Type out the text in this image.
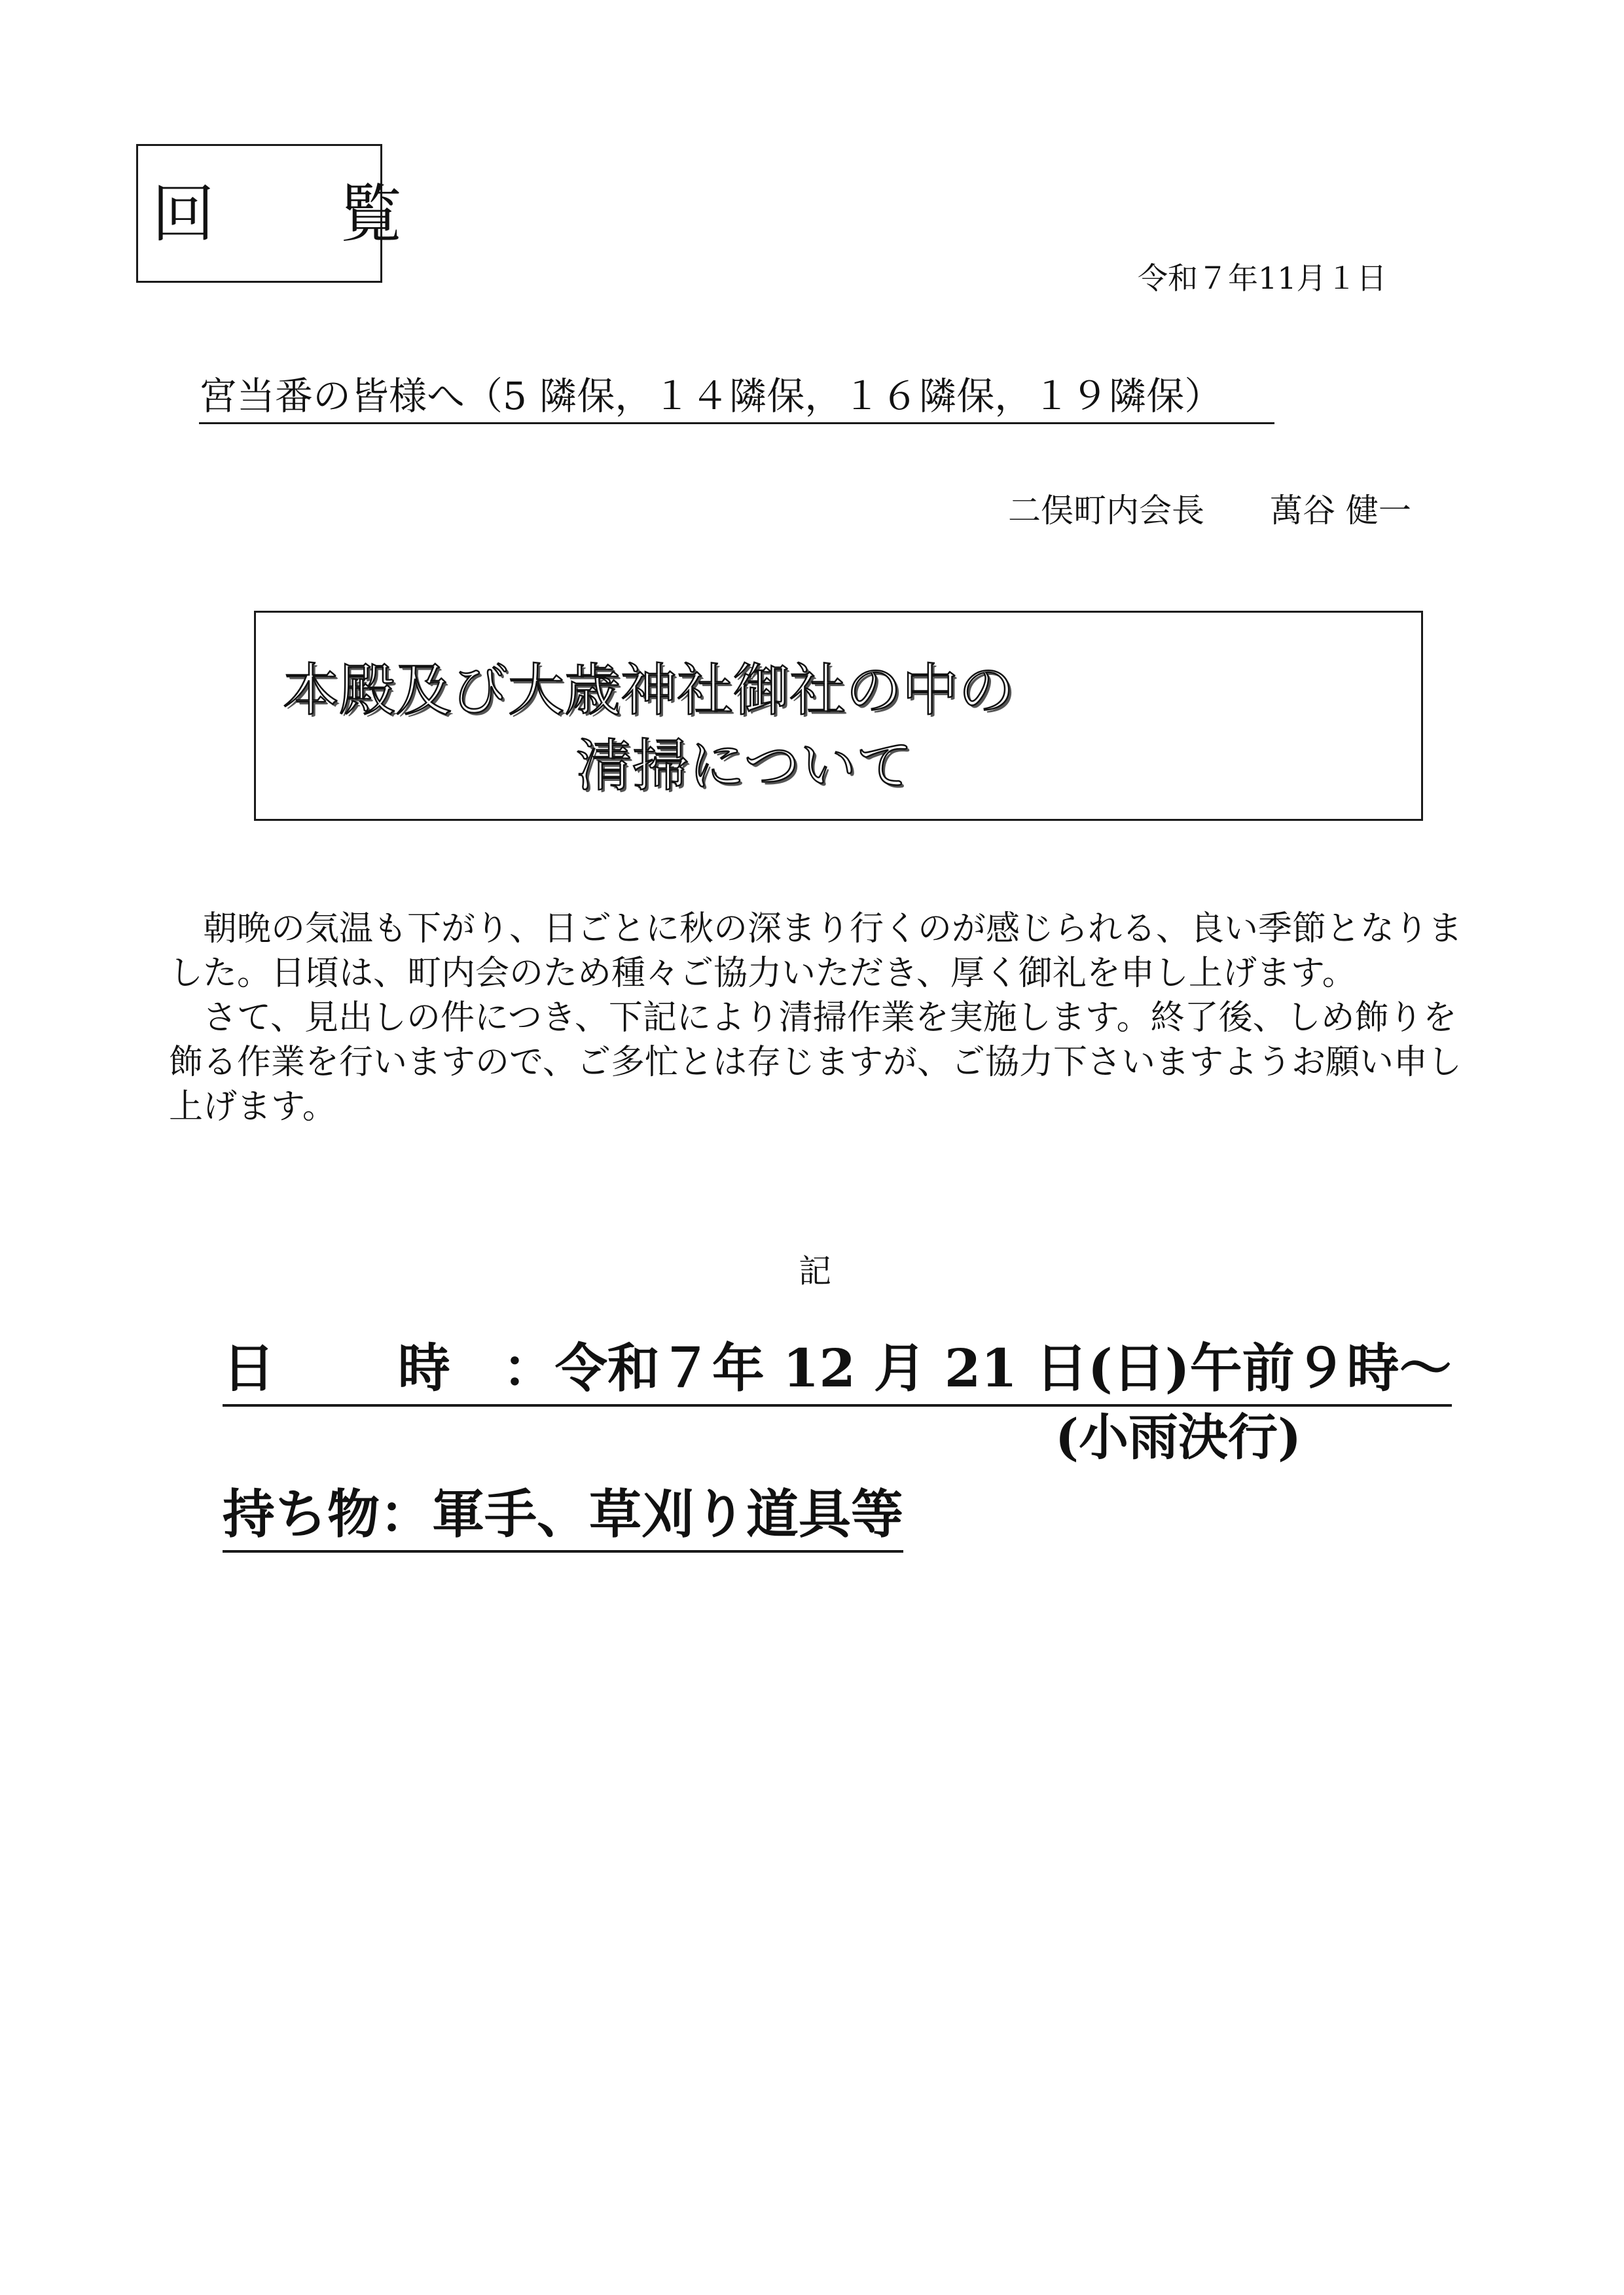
回 覧
令和７年11月１日
宮当番の皆様へ（5 隣保，１４隣保，１６隣保，１９隣保）
二俣町内会長　　萬谷 健一
本殿及び大歳神社御社の中の
清掃について

朝晩の気温も下がり、日ごとに秋の深まり行くのが感じられる、良い季節となりました。日頃は、町内会のため種々ご協力いただき、厚く御礼を申し上げます。

さて、見出しの件につき、下記により清掃作業を実施します。終了後、しめ飾りを飾る作業を行いますので、ご多忙とは存じますが、ご協力下さいますようお願い申し上げます。

記
日 時：令和７年 12 月 21 日(日)午前９時～
(小雨決行)
持ち物：軍手、草刈り道具等
